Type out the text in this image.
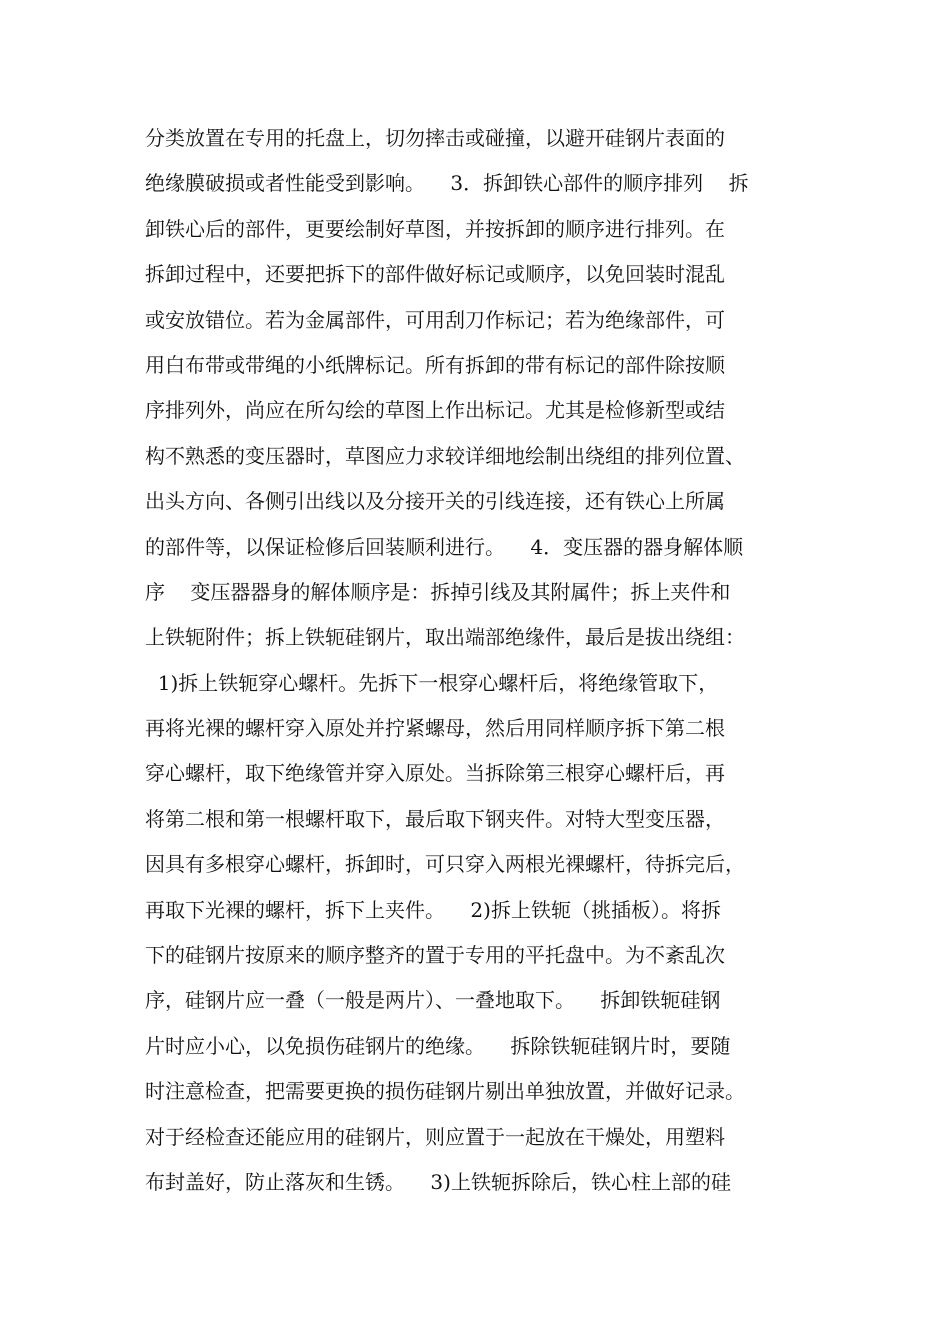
分类放置在专用的托盘上，切勿摔击或碰撞，以避开硅钢片表面的
绝缘膜破损或者性能受到影响。    3．拆卸铁心部件的顺序排列    拆
卸铁心后的部件，更要绘制好草图，并按拆卸的顺序进行排列。在
拆卸过程中，还要把拆下的部件做好标记或顺序，以免回装时混乱
或安放错位。若为金属部件，可用刮刀作标记；若为绝缘部件，可
用白布带或带绳的小纸牌标记。所有拆卸的带有标记的部件除按顺
序排列外，尚应在所勾绘的草图上作出标记。尤其是检修新型或结
构不熟悉的变压器时，草图应力求较详细地绘制出绕组的排列位置、
出头方向、各侧引出线以及分接开关的引线连接，还有铁心上所属
的部件等，以保证检修后回装顺利进行。    4．变压器的器身解体顺
序    变压器器身的解体顺序是：拆掉引线及其附属件；拆上夹件和
上铁轭附件；拆上铁轭硅钢片，取出端部绝缘件，最后是拔出绕组：
1)拆上铁轭穿心螺杆。先拆下一根穿心螺杆后，将绝缘管取下，
再将光裸的螺杆穿入原处并拧紧螺母，然后用同样顺序拆下第二根
穿心螺杆，取下绝缘管并穿入原处。当拆除第三根穿心螺杆后，再
将第二根和第一根螺杆取下，最后取下钢夹件。对特大型变压器，
因具有多根穿心螺杆，拆卸时，可只穿入两根光裸螺杆，待拆完后，
再取下光裸的螺杆，拆下上夹件。    2)拆上铁轭（挑插板）。将拆
下的硅钢片按原来的顺序整齐的置于专用的平托盘中。为不紊乱次
序，硅钢片应一叠（一般是两片）、一叠地取下。    拆卸铁轭硅钢
片时应小心，以免损伤硅钢片的绝缘。    拆除铁轭硅钢片时，要随
时注意检查，把需要更换的损伤硅钢片剔出单独放置，并做好记录。
对于经检查还能应用的硅钢片，则应置于一起放在干燥处，用塑料
布封盖好，防止落灰和生锈。    3)上铁轭拆除后，铁心柱上部的硅
